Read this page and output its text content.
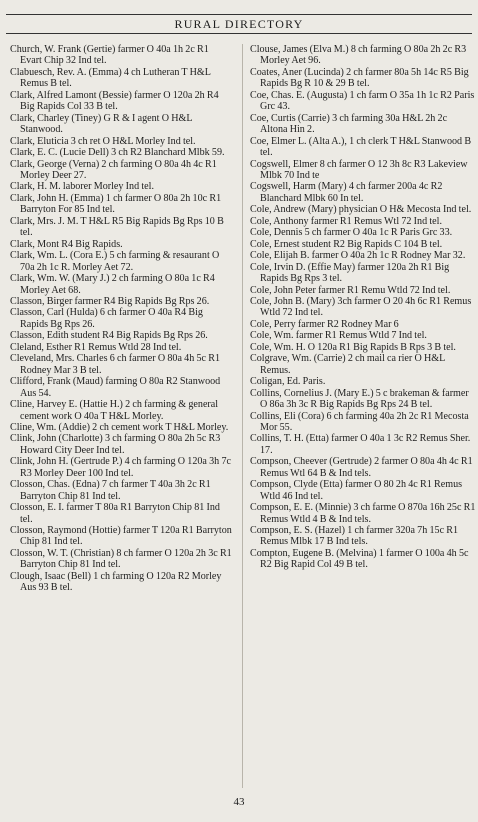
RURAL DIRECTORY

Church, W. Frank (Gertie) farmer O 40a 1h 2c R1 Evart Chip 32 Ind tel.

Clabuesch, Rev. A. (Emma) 4 ch Lutheran T H&L Remus B tel.

Clark, Alfred Lamont (Bessie) farmer O 120a 2h R4 Big Rapids Col 33 B tel.

Clark, Charley (Tiney) G R & I agent O H&L Stanwood.

Clark, Eluticia 3 ch ret O H&L Morley Ind tel.

Clark, E. C. (Lucie Dell) 3 ch R2 Blanchard Mlbk 59.

Clark, George (Verna) 2 ch farming O 80a 4h 4c R1 Morley Deer 27.

Clark, H. M. laborer Morley Ind tel.

Clark, John H. (Emma) 1 ch farmer O 80a 2h 10c R1 Barryton For 85 Ind tel.

Clark, Mrs. J. M. T H&L R5 Big Rapids Bg Rps 10 B tel.

Clark, Mont R4 Big Rapids.

Clark, Wm. L. (Cora E.) 5 ch farming & resaurant O 70a 2h 1c R. Morley Aet 72.

Clark, Wm. W. (Mary J.) 2 ch farming O 80a 1c R4 Morley Aet 68.

Classon, Birger farmer R4 Big Rapids Bg Rps 26.

Classon, Carl (Hulda) 6 ch farmer O 40a R4 Big Rapids Bg Rps 26.

Classon, Edith student R4 Big Rapids Bg Rps 26.

Cleland, Esther R1 Remus Wtld 28 Ind tel.

Cleveland, Mrs. Charles 6 ch farmer O 80a 4h 5c R1 Rodney Mar 3 B tel.

Clifford, Frank (Maud) farming O 80a R2 Stanwood Aus 54.

Cline, Harvey E. (Hattie H.) 2 ch farming & general cement work O 40a T H&L Morley.

Cline, Wm. (Addie) 2 ch cement work T H&L Morley.

Clink, John (Charlotte) 3 ch farming O 80a 2h 5c R3 Howard City Deer Ind tel.

Clink, John H. (Gertrude P.) 4 ch farming O 120a 3h 7c R3 Morley Deer 100 Ind tel.

Closson, Chas. (Edna) 7 ch farmer T 40a 3h 2c R1 Barryton Chip 81 Ind tel.

Closson, E. I. farmer T 80a R1 Barryton Chip 81 Ind tel.

Closson, Raymond (Hottie) farmer T 120a R1 Barryton Chip 81 Ind tel.

Closson, W. T. (Christian) 8 ch farmer O 120a 2h 3c R1 Barryton Chip 81 Ind tel.

Clough, Isaac (Bell) 1 ch farming O 120a R2 Morley Aus 93 B tel.

Clouse, James (Elva M.) 8 ch farming O 80a 2h 2c R3 Morley Aet 96.

Coates, Aner (Lucinda) 2 ch farmer 80a 5h 14c R5 Big Rapids Bg R 10 & 29 B tel.

Coe, Chas. E. (Augusta) 1 ch farm O 35a 1h 1c R2 Paris Grc 43.

Coe, Curtis (Carrie) 3 ch farming 30a H&L 2h 2c Altona Hin 2.

Coe, Elmer L. (Alta A.), 1 ch clerk T H&L Stanwood B tel.

Cogswell, Elmer 8 ch farmer O 12 3h 8c R3 Lakeview Mlbk 70 Ind te

Cogswell, Harm (Mary) 4 ch farmer 200a 4c R2 Blanchard Mlbk 60 In tel.

Cole, Andrew (Mary) physician O H& Mecosta Ind tel.

Cole, Anthony farmer R1 Remus Wtl 72 Ind tel.

Cole, Dennis 5 ch farmer O 40a 1c R Paris Grc 33.

Cole, Ernest student R2 Big Rapids C 104 B tel.

Cole, Elijah B. farmer O 40a 2h 1c R Rodney Mar 32.

Cole, Irvin D. (Effie May) farmer 120a 2h R1 Big Rapids Bg Rps 3 tel.

Cole, John Peter farmer R1 Remu Wtld 72 Ind tel.

Cole, John B. (Mary) 3ch farmer O 20 4h 6c R1 Remus Wtld 72 Ind tel.

Cole, Perry farmer R2 Rodney Mar 6

Cole, Wm. farmer R1 Remus Wtld 7 Ind tel.

Cole, Wm. H. O 120a R1 Big Rapids B Rps 3 B tel.

Colgrave, Wm. (Carrie) 2 ch mail ca rier O H&L Remus.

Coligan, Ed. Paris.

Collins, Cornelius J. (Mary E.) 5 c brakeman & farmer O 86a 3h 3c R Big Rapids Bg Rps 24 B tel.

Collins, Eli (Cora) 6 ch farming 40a 2h 2c R1 Mecosta Mor 55.

Collins, T. H. (Etta) farmer O 40a 1 3c R2 Remus Sher. 17.

Compson, Cheever (Gertrude) 2 farmer O 80a 4h 4c R1 Remus Wtl 64 B & Ind tels.

Compson, Clyde (Etta) farmer O 80 2h 4c R1 Remus Wtld 46 Ind tel.

Compson, E. E. (Minnie) 3 ch farme O 870a 16h 25c R1 Remus Wtld 4 B & Ind tels.

Compson, E. S. (Hazel) 1 ch farmer 320a 7h 15c R1 Remus Mlbk 17 B Ind tels.

Compton, Eugene B. (Melvina) 1 farmer O 100a 4h 5c R2 Big Rapid Col 49 B tel.

43
